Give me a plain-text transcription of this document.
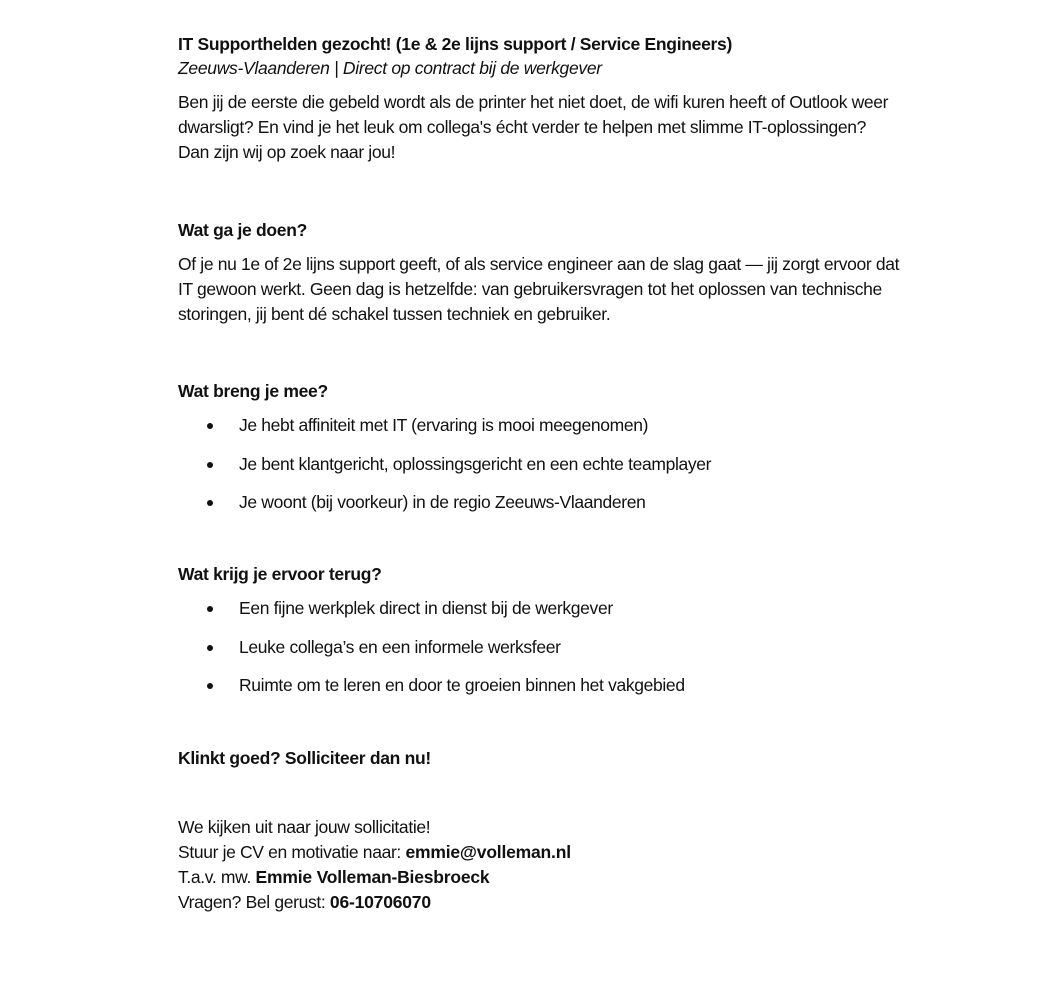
IT Supporthelden gezocht! (1e & 2e lijns support / Service Engineers)

Zeeuws-Vlaanderen | Direct op contract bij de werkgever

Ben jij de eerste die gebeld wordt als de printer het niet doet, de wifi kuren heeft of Outlook weer
dwarsligt? En vind je het leuk om collega's écht verder te helpen met slimme IT-oplossingen?
Dan zijn wij op zoek naar jou!

Wat ga je doen?

Of je nu 1e of 2e lijns support geeft, of als service engineer aan de slag gaat — jij zorgt ervoor dat
IT gewoon werkt. Geen dag is hetzelfde: van gebruikersvragen tot het oplossen van technische
storingen, jij bent dé schakel tussen techniek en gebruiker.

Wat breng je mee?

Je hebt affiniteit met IT (ervaring is mooi meegenomen)
Je bent klantgericht, oplossingsgericht en een echte teamplayer
Je woont (bij voorkeur) in de regio Zeeuws-Vlaanderen

Wat krijg je ervoor terug?

Een fijne werkplek direct in dienst bij de werkgever
Leuke collega’s en een informele werksfeer
Ruimte om te leren en door te groeien binnen het vakgebied

Klinkt goed? Solliciteer dan nu!

We kijken uit naar jouw sollicitatie!
Stuur je CV en motivatie naar: emmie@volleman.nl
T.a.v. mw. Emmie Volleman-Biesbroeck
Vragen? Bel gerust: 06-10706070
